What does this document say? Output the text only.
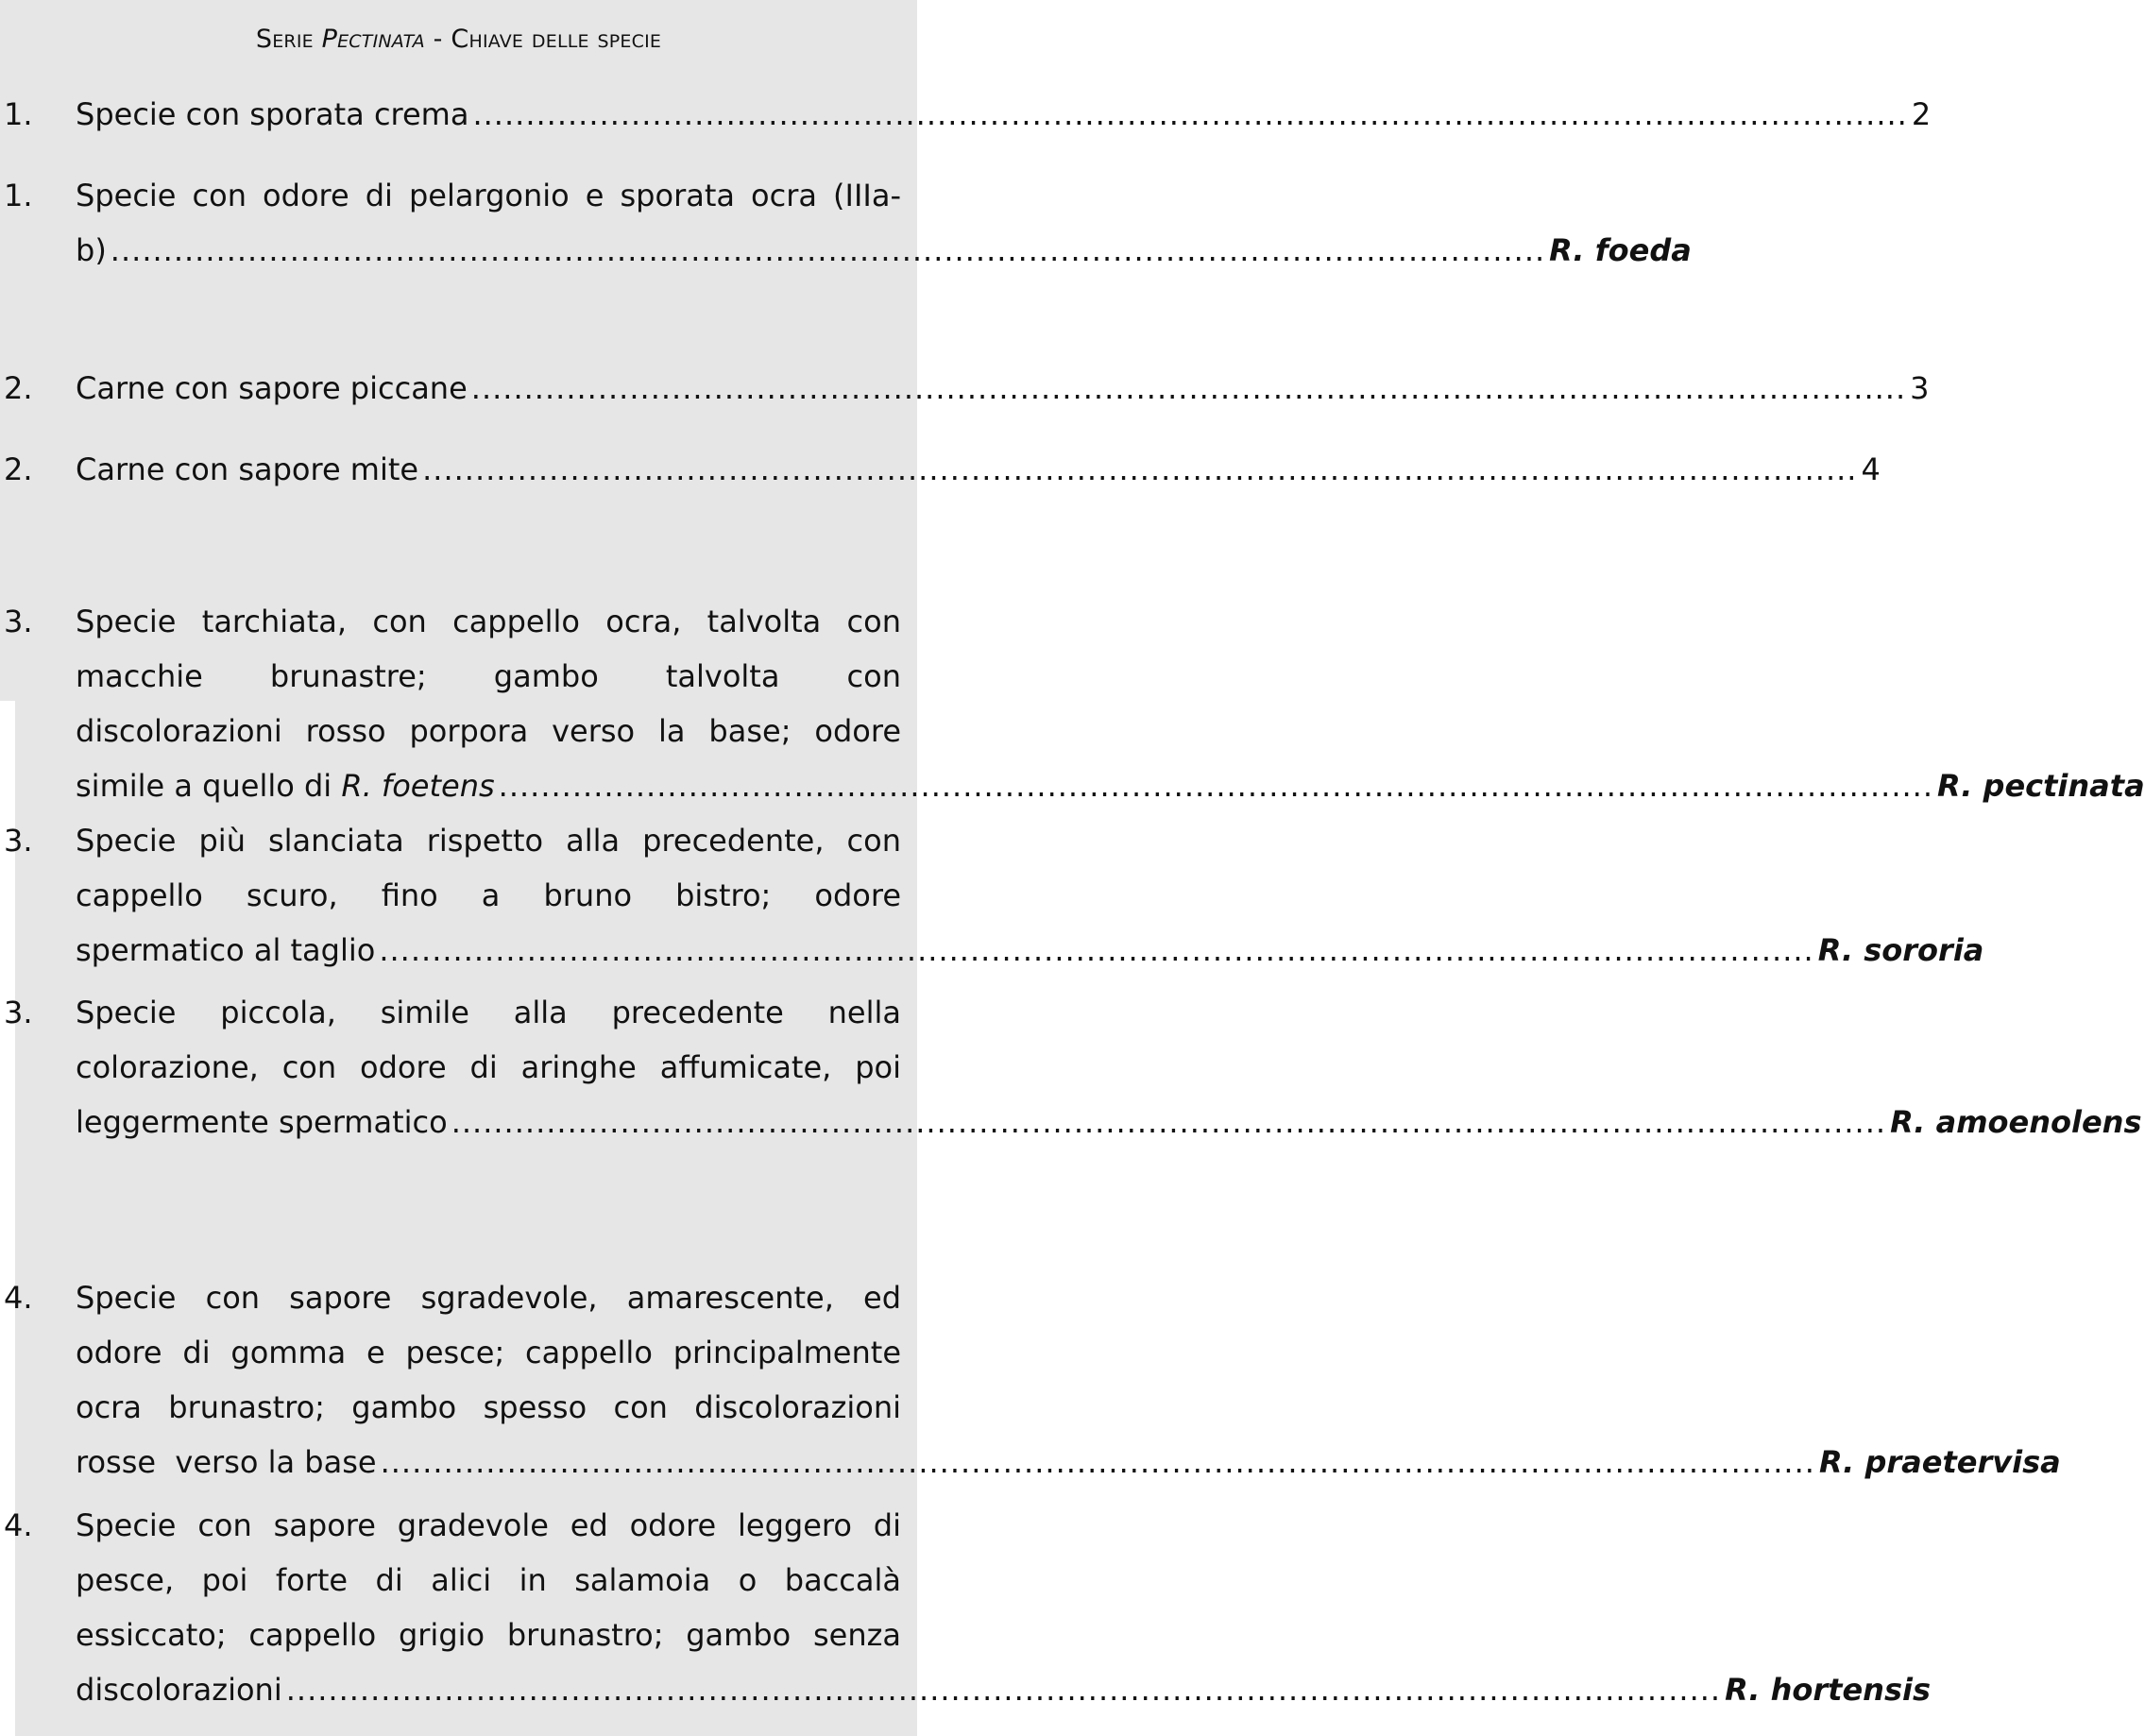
Serie Pectinata - Chiave delle specie
1. Specie con sporata crema ........................................................................................................................................ 2
1. Specie con odore di pelargonio e sporata ocra (IIIa-
b) ........................................................................................................................................ R. foeda
2. Carne con sapore piccane ........................................................................................................................................ 3
2. Carne con sapore mite ........................................................................................................................................ 4
3. Specie tarchiata, con cappello ocra, talvolta con
macchie brunastre; gambo talvolta con
discolorazioni rosso porpora verso la base; odore
simile a quello di R. foetens ........................................................................................................................................ R. pectinata
3. Specie più slanciata rispetto alla precedente, con
cappello scuro, fino a bruno bistro; odore
spermatico al taglio ........................................................................................................................................ R. sororia
3. Specie piccola, simile alla precedente nella
colorazione, con odore di aringhe affumicate, poi
leggermente spermatico ........................................................................................................................................ R. amoenolens
4. Specie con sapore sgradevole, amarescente, ed
odore di gomma e pesce; cappello principalmente
ocra brunastro; gambo spesso con discolorazioni
rosse  verso la base ........................................................................................................................................ R. praetervisa
4. Specie con sapore gradevole ed odore leggero di
pesce, poi forte di alici in salamoia o baccalà
essiccato; cappello grigio brunastro; gambo senza
discolorazioni ........................................................................................................................................ R. hortensis
